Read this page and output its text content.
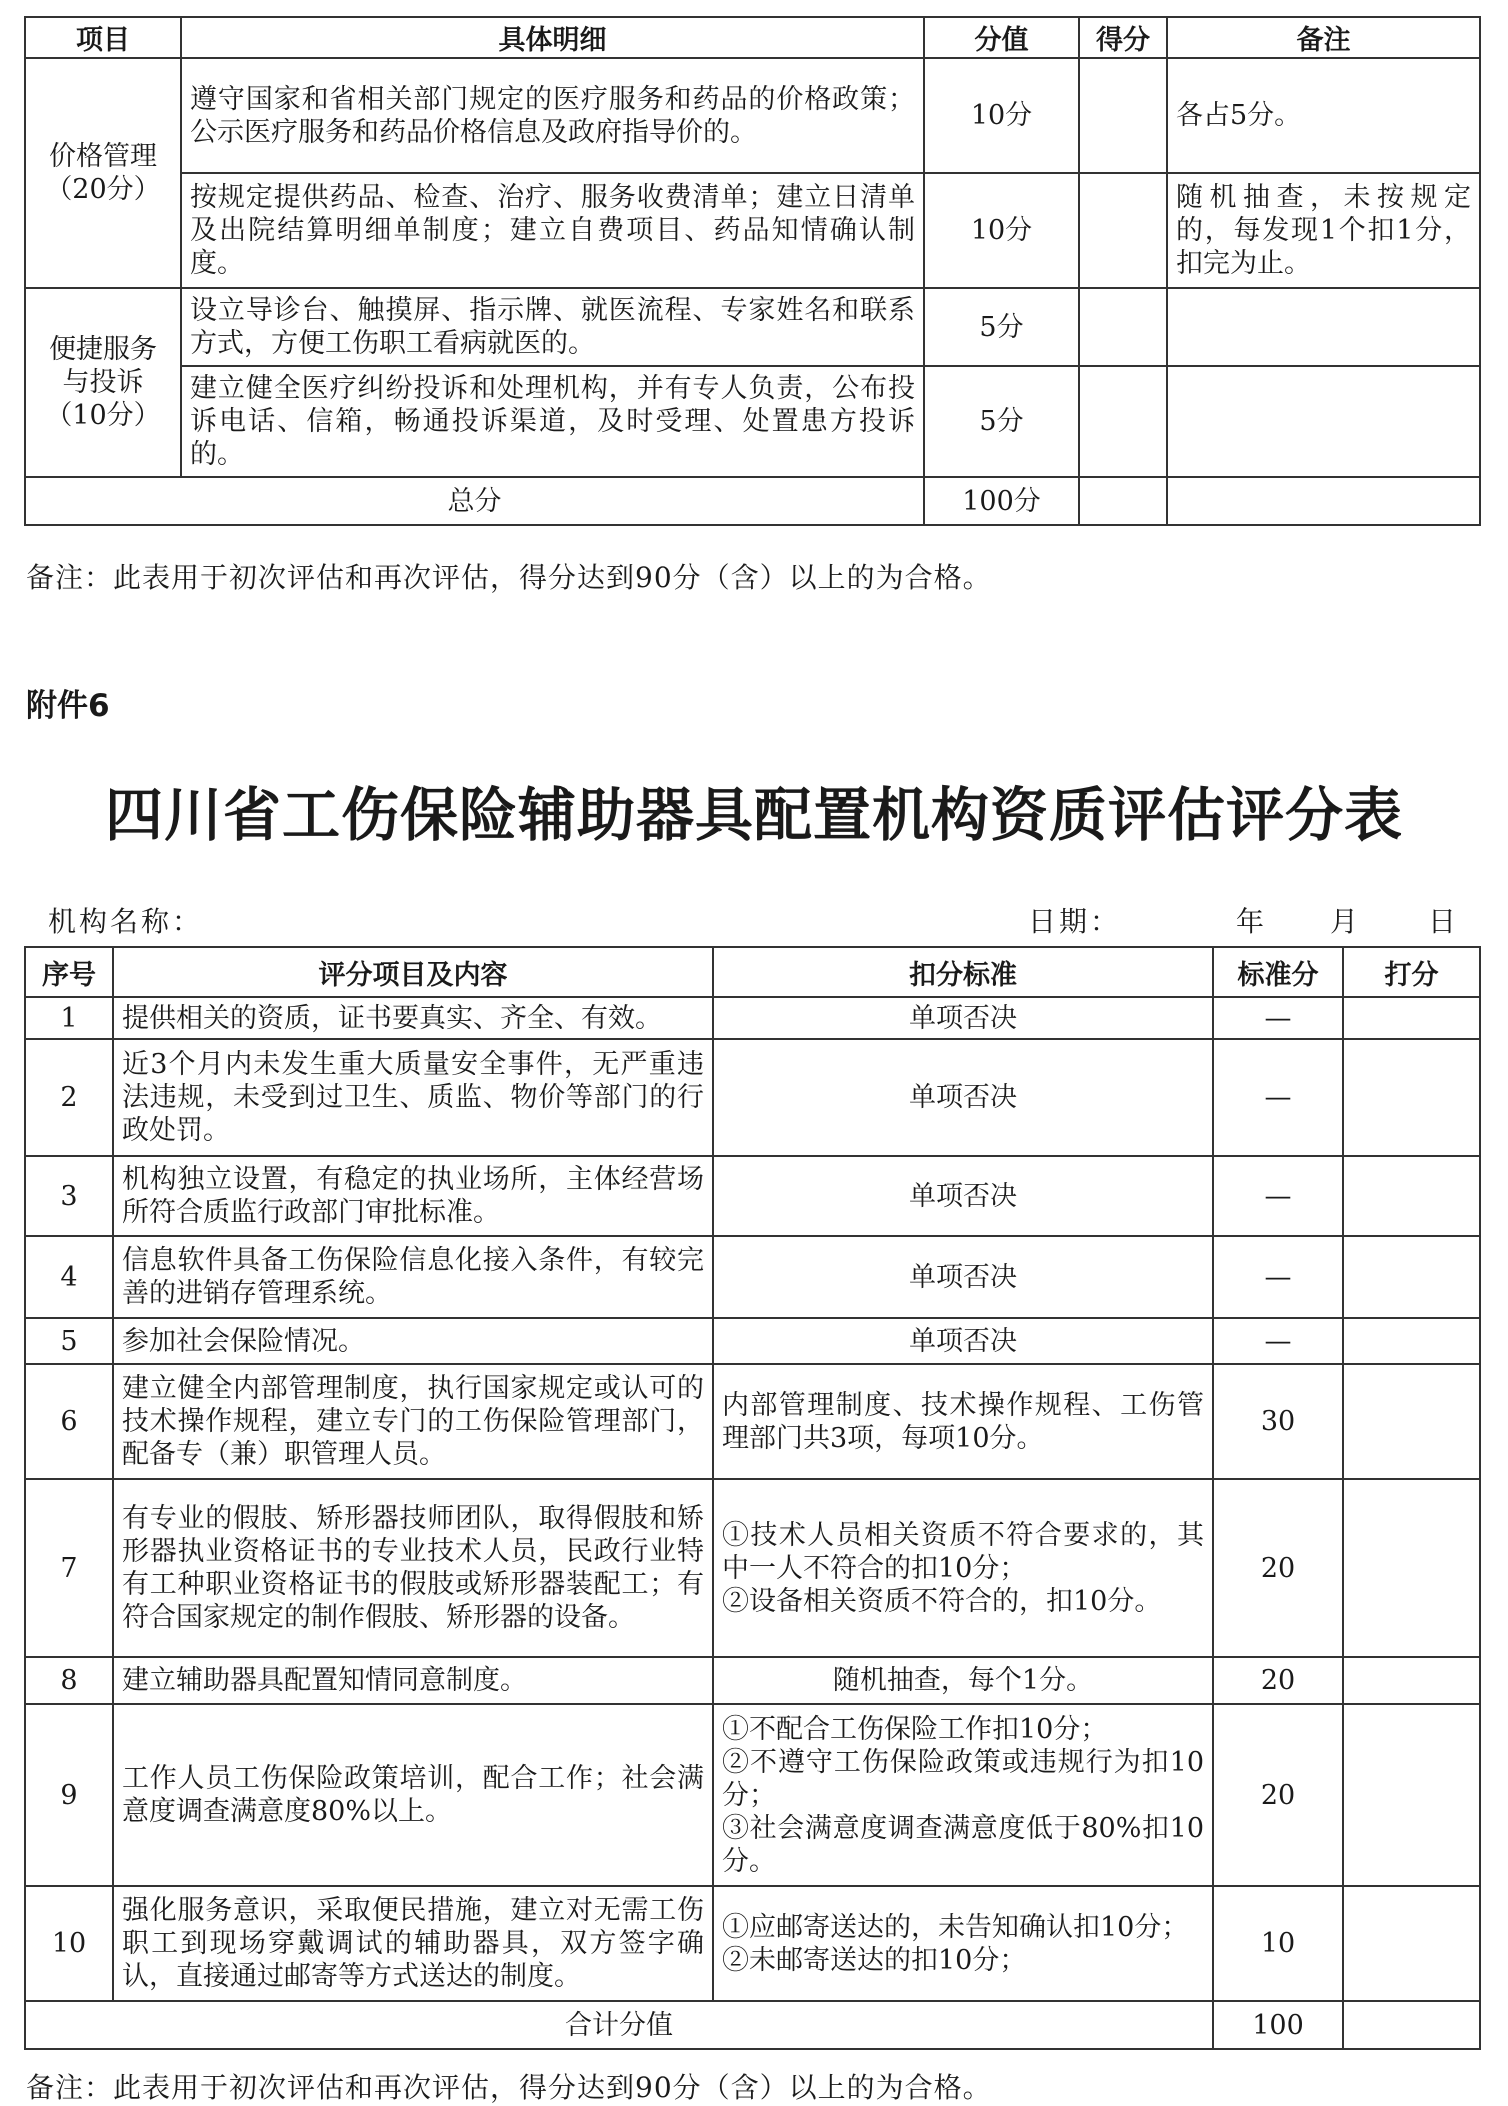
项目	具体明细	分值	得分	备注
价格管理
（20分）	遵守国家和省相关部门规定的医疗服务和药品的价格政策；公示医疗服务和药品价格信息及政府指导价的。	10分		各占5分。
	按规定提供药品、检查、治疗、服务收费清单；建立日清单及出院结算明细单制度；建立自费项目、药品知情确认制度。	10分		随机抽查，未按规定的，每发现1个扣1分，扣完为止。
便捷服务
与投诉
（10分）	设立导诊台、触摸屏、指示牌、就医流程、专家姓名和联系方式，方便工伤职工看病就医的。	5分		
	建立健全医疗纠纷投诉和处理机构，并有专人负责，公布投诉电话、信箱，畅通投诉渠道，及时受理、处置患方投诉的。	5分		
总分		100分		
备注：此表用于初次评估和再次评估，得分达到90分（含）以上的为合格。
附件6
四川省工伤保险辅助器具配置机构资质评估评分表
机构名称：	日期：	年 月 日
序号	评分项目及内容	扣分标准	标准分	打分
1	提供相关的资质，证书要真实、齐全、有效。	单项否决	—	
2	近3个月内未发生重大质量安全事件，无严重违法违规，未受到过卫生、质监、物价等部门的行政处罚。	单项否决	—	
3	机构独立设置，有稳定的执业场所，主体经营场所符合质监行政部门审批标准。	单项否决	—	
4	信息软件具备工伤保险信息化接入条件，有较完善的进销存管理系统。	单项否决	—	
5	参加社会保险情况。	单项否决	—	
6	建立健全内部管理制度，执行国家规定或认可的技术操作规程，建立专门的工伤保险管理部门，配备专（兼）职管理人员。	内部管理制度、技术操作规程、工伤管理部门共3项，每项10分。	30	
7	有专业的假肢、矫形器技师团队，取得假肢和矫形器执业资格证书的专业技术人员，民政行业特有工种职业资格证书的假肢或矫形器装配工；有符合国家规定的制作假肢、矫形器的设备。	①技术人员相关资质不符合要求的，其中一人不符合的扣10分；
②设备相关资质不符合的，扣10分。	20	
8	建立辅助器具配置知情同意制度。	随机抽查，每个1分。	20	
9	工作人员工伤保险政策培训，配合工作；社会满意度调查满意度80%以上。	①不配合工伤保险工作扣10分；
②不遵守工伤保险政策或违规行为扣10分；
③社会满意度调查满意度低于80%扣10分。	20	
10	强化服务意识，采取便民措施，建立对无需工伤职工到现场穿戴调试的辅助器具，双方签字确认，直接通过邮寄等方式送达的制度。	①应邮寄送达的，未告知确认扣10分；
②未邮寄送达的扣10分；	10	
合计分值			100	
备注：此表用于初次评估和再次评估，得分达到90分（含）以上的为合格。
